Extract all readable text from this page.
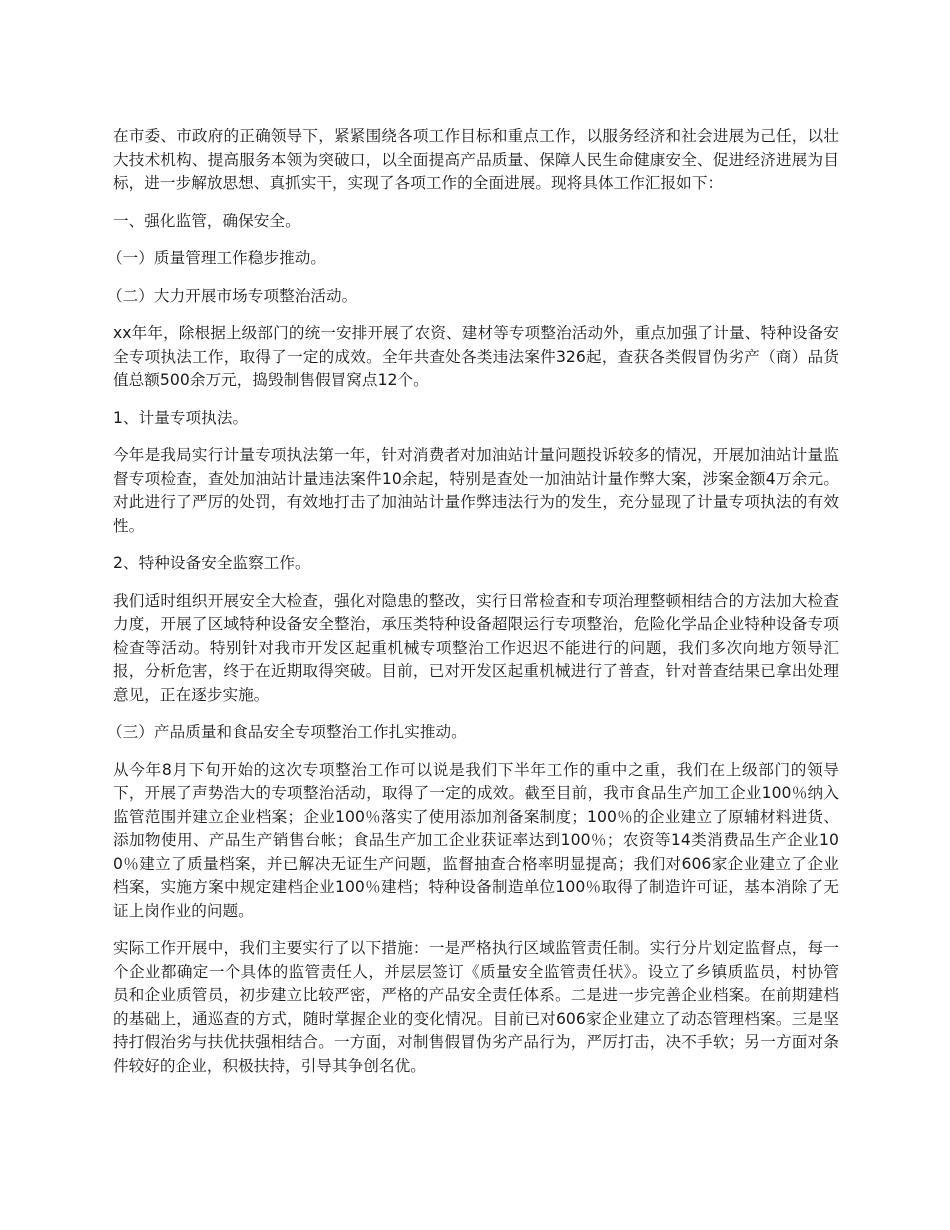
在市委、市政府的正确领导下，紧紧围绕各项工作目标和重点工作，以服务经济和社会进展为己任，以壮大技术机构、提高服务本领为突破口，以全面提高产品质量、保障人民生命健康安全、促进经济进展为目标，进一步解放思想、真抓实干，实现了各项工作的全面进展。现将具体工作汇报如下：

一、强化监管，确保安全。

（一）质量管理工作稳步推动。

（二）大力开展市场专项整治活动。

xx年年，除根据上级部门的统一安排开展了农资、建材等专项整治活动外，重点加强了计量、特种设备安全专项执法工作，取得了一定的成效。全年共查处各类违法案件326起，查获各类假冒伪劣产（商）品货值总额500余万元，捣毁制售假冒窝点12个。

1、计量专项执法。

今年是我局实行计量专项执法第一年，针对消费者对加油站计量问题投诉较多的情况，开展加油站计量监督专项检查，查处加油站计量违法案件10余起，特别是查处一加油站计量作弊大案，涉案金额4万余元。对此进行了严厉的处罚，有效地打击了加油站计量作弊违法行为的发生，充分显现了计量专项执法的有效性。

2、特种设备安全监察工作。

我们适时组织开展安全大检查，强化对隐患的整改，实行日常检查和专项治理整顿相结合的方法加大检查力度，开展了区域特种设备安全整治，承压类特种设备超限运行专项整治，危险化学品企业特种设备专项检查等活动。特别针对我市开发区起重机械专项整治工作迟迟不能进行的问题，我们多次向地方领导汇报，分析危害，终于在近期取得突破。目前，已对开发区起重机械进行了普查，针对普查结果已拿出处理意见，正在逐步实施。

（三）产品质量和食品安全专项整治工作扎实推动。

从今年8月下旬开始的这次专项整治工作可以说是我们下半年工作的重中之重，我们在上级部门的领导下，开展了声势浩大的专项整治活动，取得了一定的成效。截至目前，我市食品生产加工企业100％纳入监管范围并建立企业档案；企业100％落实了使用添加剂备案制度；100％的企业建立了原辅材料进货、添加物使用、产品生产销售台帐；食品生产加工企业获证率达到100％；农资等14类消费品生产企业100％建立了质量档案，并已解决无证生产问题，监督抽查合格率明显提高；我们对606家企业建立了企业档案，实施方案中规定建档企业100％建档；特种设备制造单位100％取得了制造许可证，基本消除了无证上岗作业的问题。

实际工作开展中，我们主要实行了以下措施：一是严格执行区域监管责任制。实行分片划定监督点，每一个企业都确定一个具体的监管责任人，并层层签订《质量安全监管责任状》。设立了乡镇质监员，村协管员和企业质管员，初步建立比较严密，严格的产品安全责任体系。二是进一步完善企业档案。在前期建档的基础上，通巡查的方式，随时掌握企业的变化情况。目前已对606家企业建立了动态管理档案。三是坚持打假治劣与扶优扶强相结合。一方面，对制售假冒伪劣产品行为，严厉打击，决不手软；另一方面对条件较好的企业，积极扶持，引导其争创名优。
